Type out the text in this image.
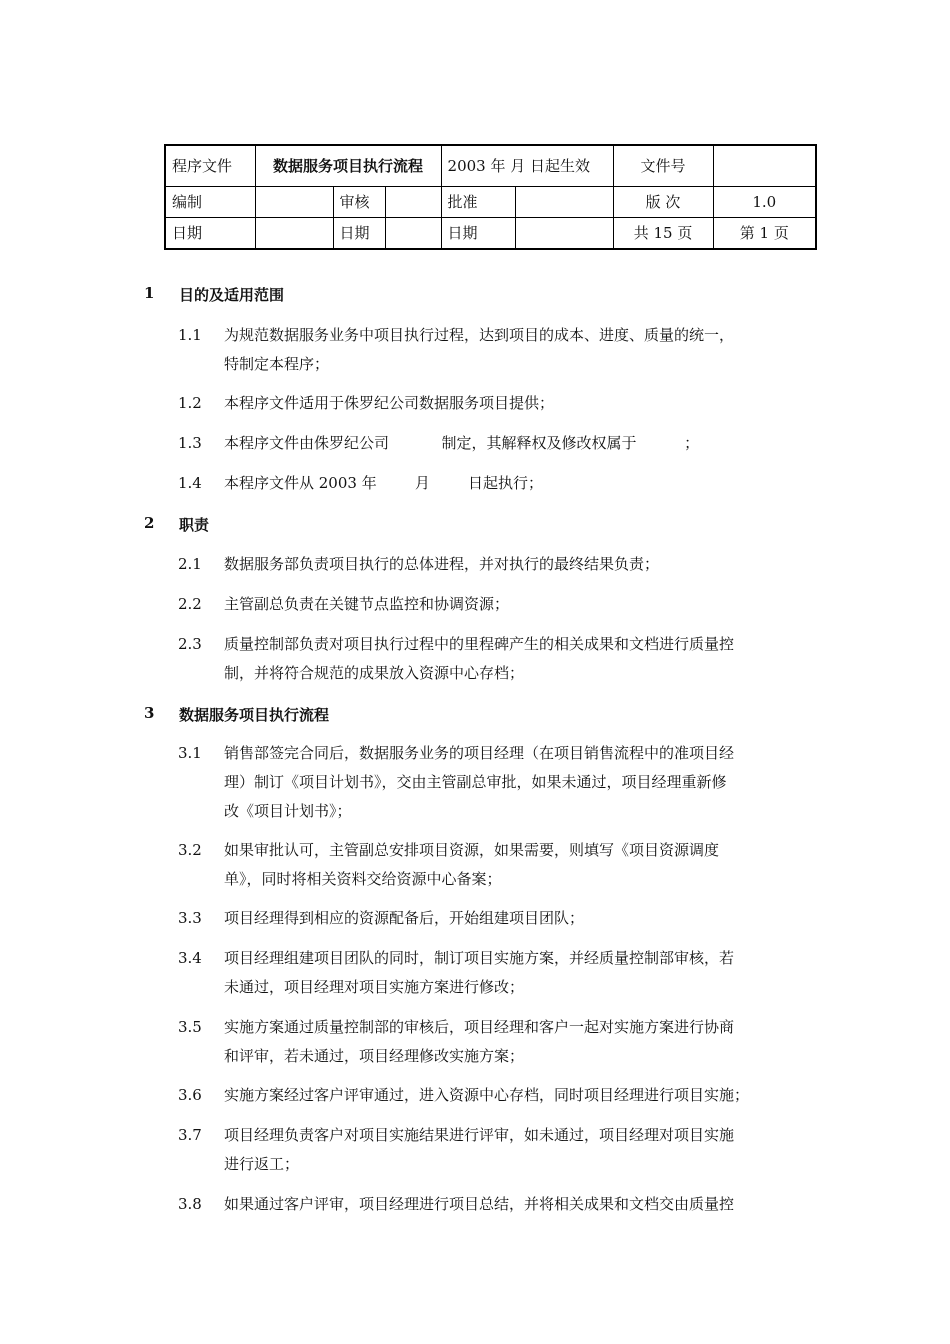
程序文件	数据服务项目执行流程			2003 年 月 日起生效		文件号	
编制		审核		批准		版 次	1.0
日期		日期		日期		共 15 页	第 1 页
1	目的及适用范围
1.1	为规范数据服务业务中项目执行过程，达到项目的成本、进度、质量的统一，
特制定本程序；
1.2	本程序文件适用于侏罗纪公司数据服务项目提供；
1.3	本程序文件由侏罗纪公司           制定，其解释权及修改权属于          ；
1.4	本程序文件从 2003 年        月        日起执行；
2	职责
2.1	数据服务部负责项目执行的总体进程，并对执行的最终结果负责；
2.2	主管副总负责在关键节点监控和协调资源；
2.3	质量控制部负责对项目执行过程中的里程碑产生的相关成果和文档进行质量控
制，并将符合规范的成果放入资源中心存档；
3	数据服务项目执行流程
3.1	销售部签完合同后，数据服务业务的项目经理（在项目销售流程中的准项目经
理）制订《项目计划书》，交由主管副总审批，如果未通过，项目经理重新修
改《项目计划书》；
3.2	如果审批认可，主管副总安排项目资源，如果需要，则填写《项目资源调度
单》，同时将相关资料交给资源中心备案；
3.3	项目经理得到相应的资源配备后，开始组建项目团队；
3.4	项目经理组建项目团队的同时，制订项目实施方案，并经质量控制部审核，若
未通过，项目经理对项目实施方案进行修改；
3.5	实施方案通过质量控制部的审核后，项目经理和客户一起对实施方案进行协商
和评审，若未通过，项目经理修改实施方案；
3.6	实施方案经过客户评审通过，进入资源中心存档，同时项目经理进行项目实施；
3.7	项目经理负责客户对项目实施结果进行评审，如未通过，项目经理对项目实施
进行返工；
3.8	如果通过客户评审，项目经理进行项目总结，并将相关成果和文档交由质量控
